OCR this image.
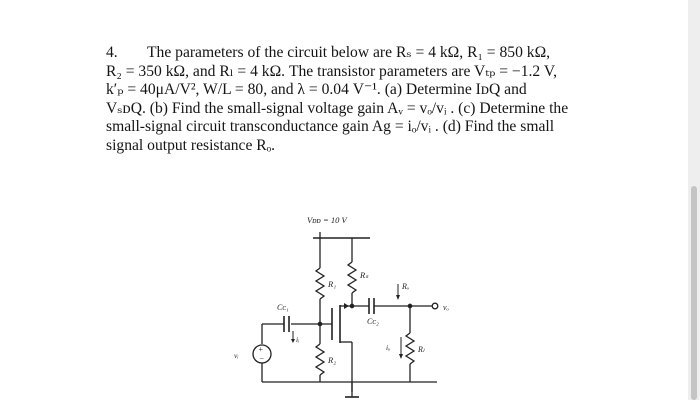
4. The parameters of the circuit below are Rₛ = 4 kΩ, R₁ = 850 kΩ,
R₂ = 350 kΩ, and Rₗ = 4 kΩ. The transistor parameters are Vₜₚ = −1.2 V,
k′ₚ = 40μA/V², W/L = 80, and λ = 0.04 V⁻¹. (a) Determine IᴅQ and
VₛᴅQ. (b) Find the small-signal voltage gain Aᵥ = vₒ/vᵢ . (c) Determine the
small-signal circuit transconductance gain Ag = iₒ/vᵢ . (d) Find the small
signal output resistance Rₒ.
Vᴅᴅ = 10 V
R₁
Rₛ
R₂
Cᴄ₁
iᵢ
+
−
vᵢ
Cᴄ₂
vₒ
Rₒ
Rₗ
iₒ
